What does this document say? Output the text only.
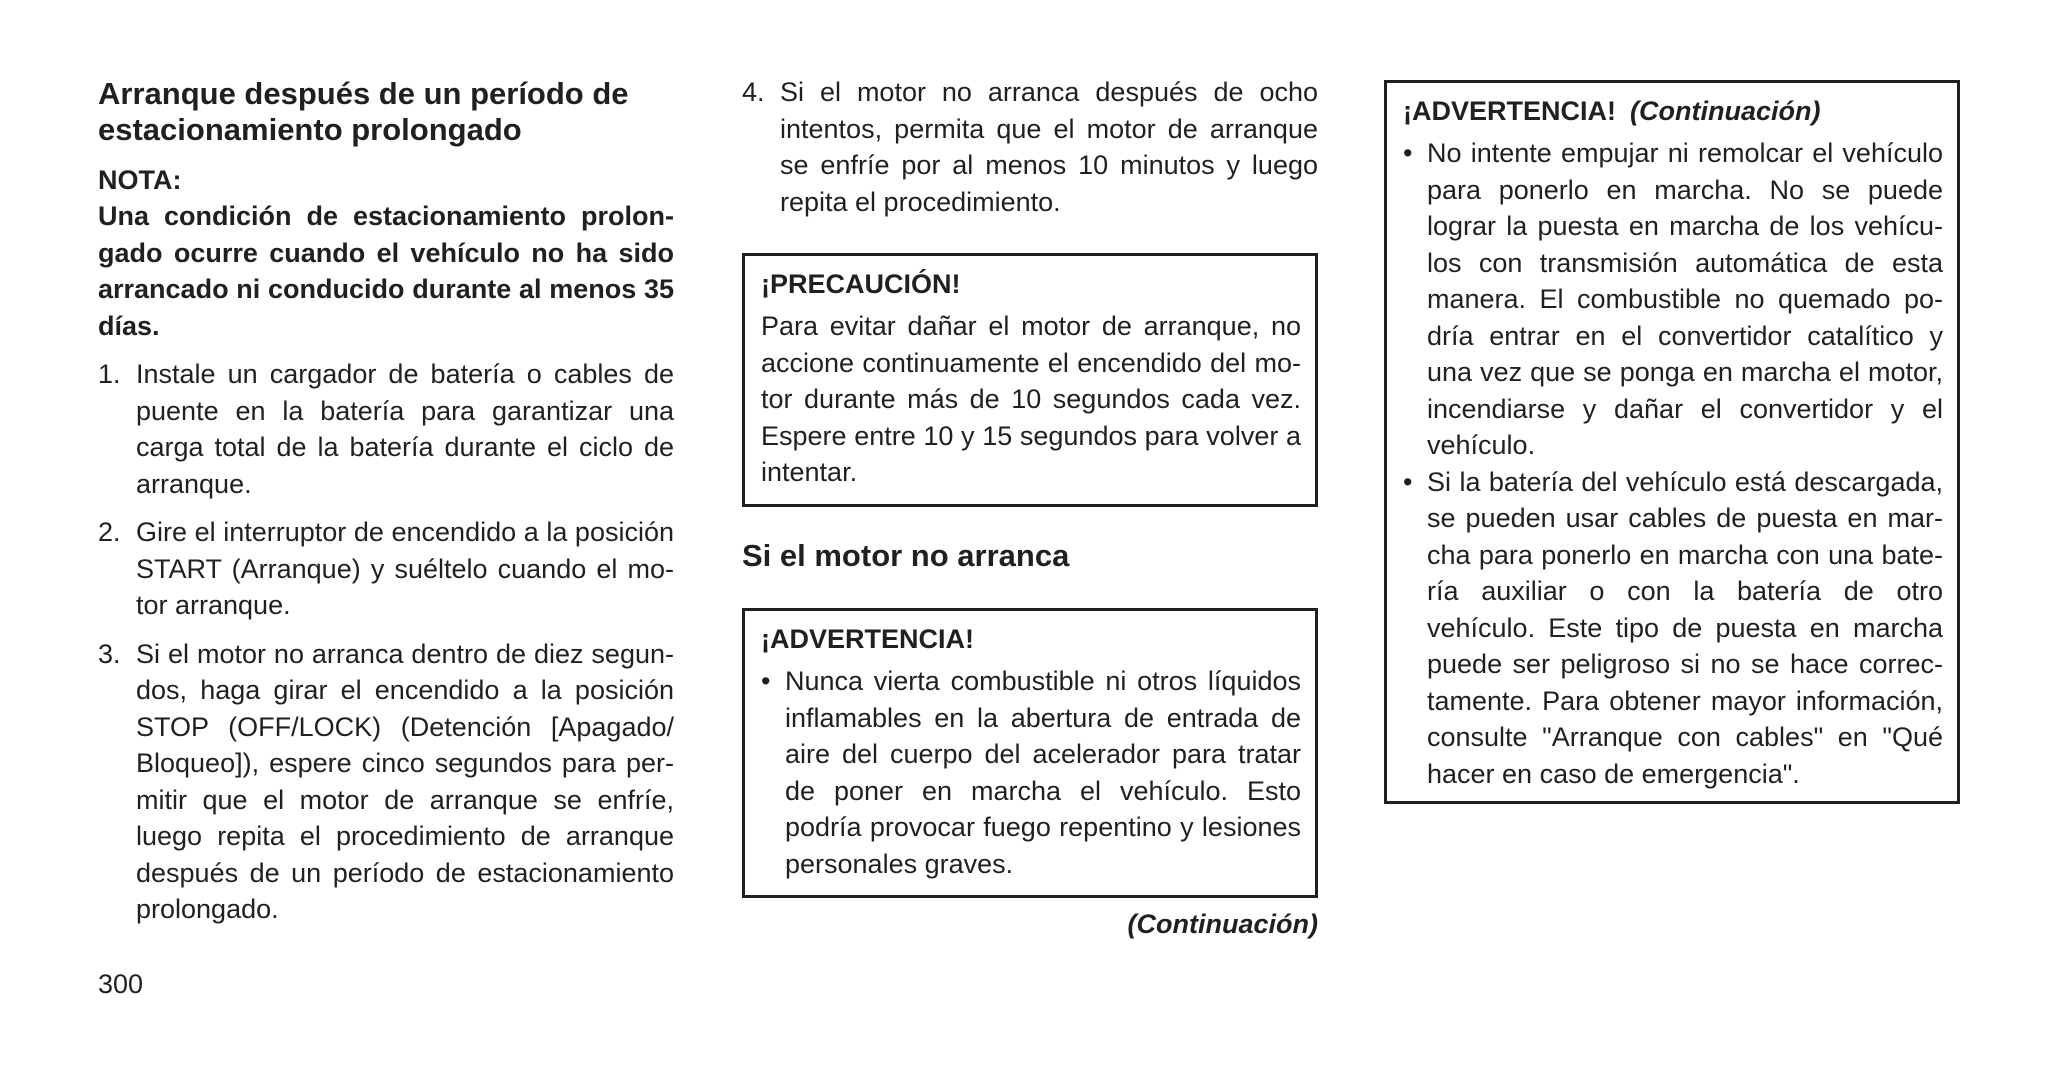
Arranque después de un período de estacionamiento prolongado
NOTA:
Una condición de estacionamiento prolon-gado ocurre cuando el vehículo no ha sido arrancado ni conducido durante al menos 35 días.
1. Instale un cargador de batería o cables de puente en la batería para garantizar una carga total de la batería durante el ciclo de arranque.
2. Gire el interruptor de encendido a la posición START (Arranque) y suéltelo cuando el mo-tor arranque.
3. Si el motor no arranca dentro de diez segun-dos, haga girar el encendido a la posición STOP (OFF/LOCK) (Detención [Apagado/ Bloqueo]), espere cinco segundos para per-mitir que el motor de arranque se enfríe, luego repita el procedimiento de arranque después de un período de estacionamiento prolongado.
4. Si el motor no arranca después de ocho intentos, permita que el motor de arranque se enfríe por al menos 10 minutos y luego repita el procedimiento.
¡PRECAUCIÓN!

Para evitar dañar el motor de arranque, no accione continuamente el encendido del mo-tor durante más de 10 segundos cada vez. Espere entre 10 y 15 segundos para volver a intentar.

Si el motor no arranca
¡ADVERTENCIA!
• Nunca vierta combustible ni otros líquidos inflamables en la abertura de entrada de aire del cuerpo del acelerador para tratar de poner en marcha el vehículo. Esto podría provocar fuego repentino y lesiones personales graves.
(Continuación)
¡ADVERTENCIA! (Continuación)
• No intente empujar ni remolcar el vehículo para ponerlo en marcha. No se puede lograr la puesta en marcha de los vehícu-los con transmisión automática de esta manera. El combustible no quemado po-dría entrar en el convertidor catalítico y una vez que se ponga en marcha el motor, incendiarse y dañar el convertidor y el vehículo.
• Si la batería del vehículo está descargada, se pueden usar cables de puesta en mar-cha para ponerlo en marcha con una bate-ría auxiliar o con la batería de otro vehículo. Este tipo de puesta en marcha puede ser peligroso si no se hace correc-tamente. Para obtener mayor información, consulte "Arranque con cables" en "Qué hacer en caso de emergencia".
300
